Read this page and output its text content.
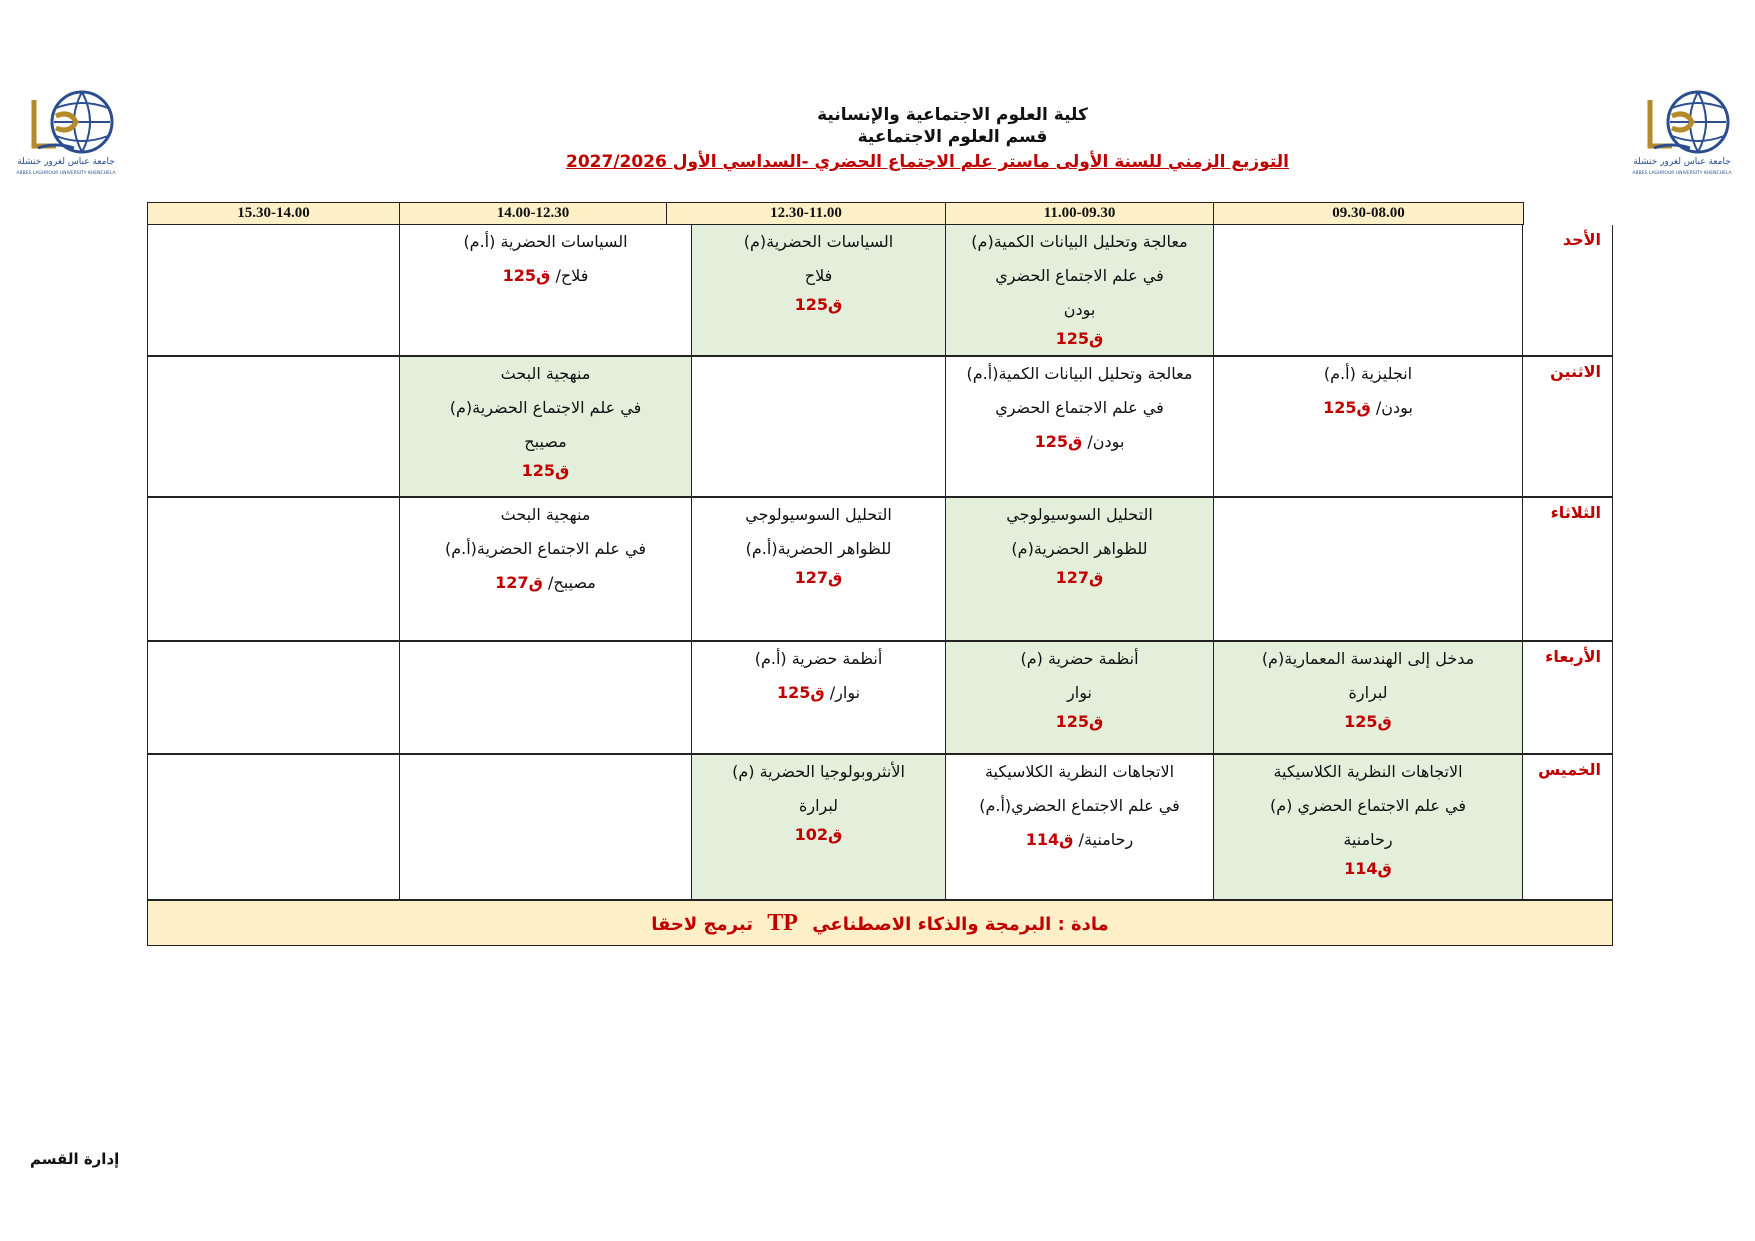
جامعة عباس لغرور خنشلة
ABBES LAGHROUR UNIVERSITY KHENCHELA
جامعة عباس لغرور خنشلة
ABBES LAGHROUR UNIVERSITY KHENCHELA
كلية العلوم الاجتماعية والإنسانية
قسم العلوم الاجتماعية
التوزيع الزمني للسنة الأولى ماستر علم الاجتماع الحضري -السداسي الأول 2027/2026
09.30-08.00
11.00-09.30
12.30-11.00
14.00-12.30
15.30-14.00
الأحد
معالجة وتحليل البيانات الكمية(م)
في علم الاجتماع الحضري
بودن
ق125
السياسات الحضرية(م)
فلاح
ق125
السياسات الحضرية (أ.م)
فلاح/ ق125
الاثنين
انجليزية (أ.م)
بودن/ ق125
معالجة وتحليل البيانات الكمية(أ.م)
في علم الاجتماع الحضري
بودن/ ق125
منهجية البحث
في علم الاجتماع الحضرية(م)
مصيبح
ق125
الثلاثاء
التحليل السوسيولوجي
للظواهر الحضرية(م)
ق127
التحليل السوسيولوجي
للظواهر الحضرية(أ.م)
ق127
منهجية البحث
في علم الاجتماع الحضرية(أ.م)
مصيبح/ ق127
الأربعاء
مدخل إلى الهندسة المعمارية(م)
لبرارة
ق125
أنظمة حضرية (م)
نوار
ق125
أنظمة حضرية (أ.م)
نوار/ ق125
الخميس
الاتجاهات النظرية الكلاسيكية
في علم الاجتماع الحضري (م)
رحامنية
ق114
الاتجاهات النظرية الكلاسيكية
في علم الاجتماع الحضري(أ.م)
رحامنية/ ق114
الأنثروبولوجيا الحضرية (م)
لبرارة
ق102
مادة : البرمجة والذكاء الاصطناعي TP تبرمج لاحقا
إدارة القسم
